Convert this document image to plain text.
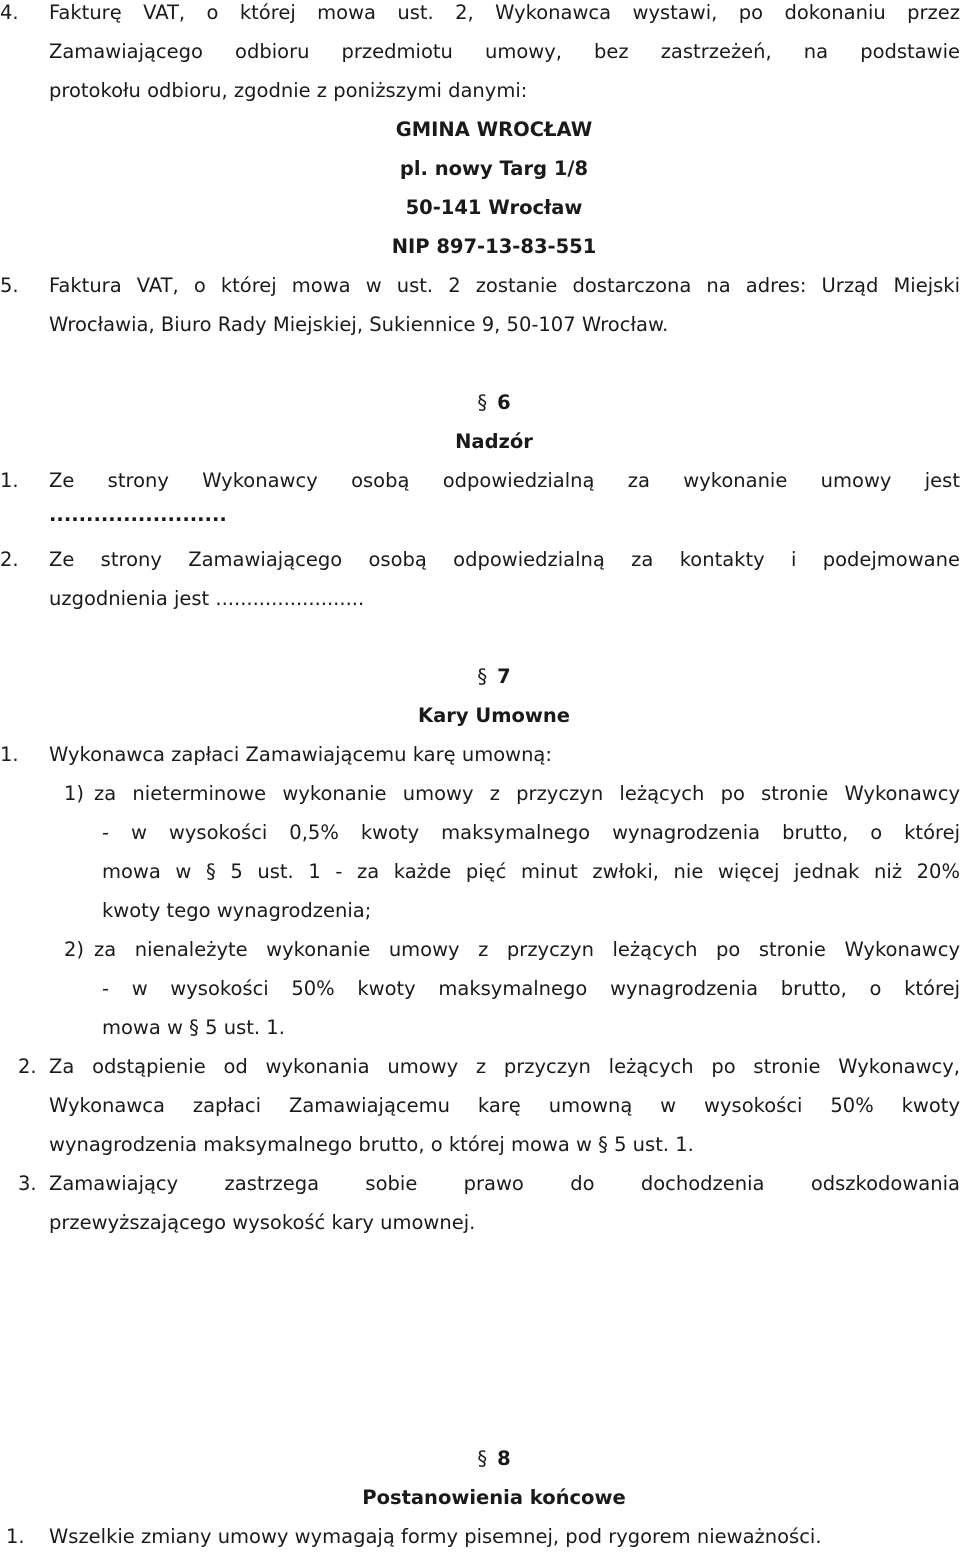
4. Fakturę VAT, o której mowa ust. 2, Wykonawca wystawi, po dokonaniu przez
Zamawiającego odbioru przedmiotu umowy, bez zastrzeżeń, na podstawie
protokołu odbioru, zgodnie z poniższymi danymi:
GMINA WROCŁAW
pl. nowy Targ 1/8
50-141 Wrocław
NIP 897-13-83-551
5. Faktura VAT, o której mowa w ust. 2 zostanie dostarczona na adres: Urząd Miejski
Wrocławia, Biuro Rady Miejskiej, Sukiennice 9, 50-107 Wrocław.
§ 6
Nadzór
1. Ze strony Wykonawcy osobą odpowiedzialną za wykonanie umowy jest
........................
2. Ze strony Zamawiającego osobą odpowiedzialną za kontakty i podejmowane
uzgodnienia jest ........................
§ 7
Kary Umowne
1. Wykonawca zapłaci Zamawiającemu karę umowną:
1) za nieterminowe wykonanie umowy z przyczyn leżących po stronie Wykonawcy
- w wysokości 0,5% kwoty maksymalnego wynagrodzenia brutto, o której
mowa w § 5 ust. 1 - za każde pięć minut zwłoki, nie więcej jednak niż 20%
kwoty tego wynagrodzenia;
2) za nienależyte wykonanie umowy z przyczyn leżących po stronie Wykonawcy
- w wysokości 50% kwoty maksymalnego wynagrodzenia brutto, o której
mowa w § 5 ust. 1.
2. Za odstąpienie od wykonania umowy z przyczyn leżących po stronie Wykonawcy,
Wykonawca zapłaci Zamawiającemu karę umowną w wysokości 50% kwoty
wynagrodzenia maksymalnego brutto, o której mowa w § 5 ust. 1.
3. Zamawiający zastrzega sobie prawo do dochodzenia odszkodowania
przewyższającego wysokość kary umownej.
§ 8
Postanowienia końcowe
1. Wszelkie zmiany umowy wymagają formy pisemnej, pod rygorem nieważności.
